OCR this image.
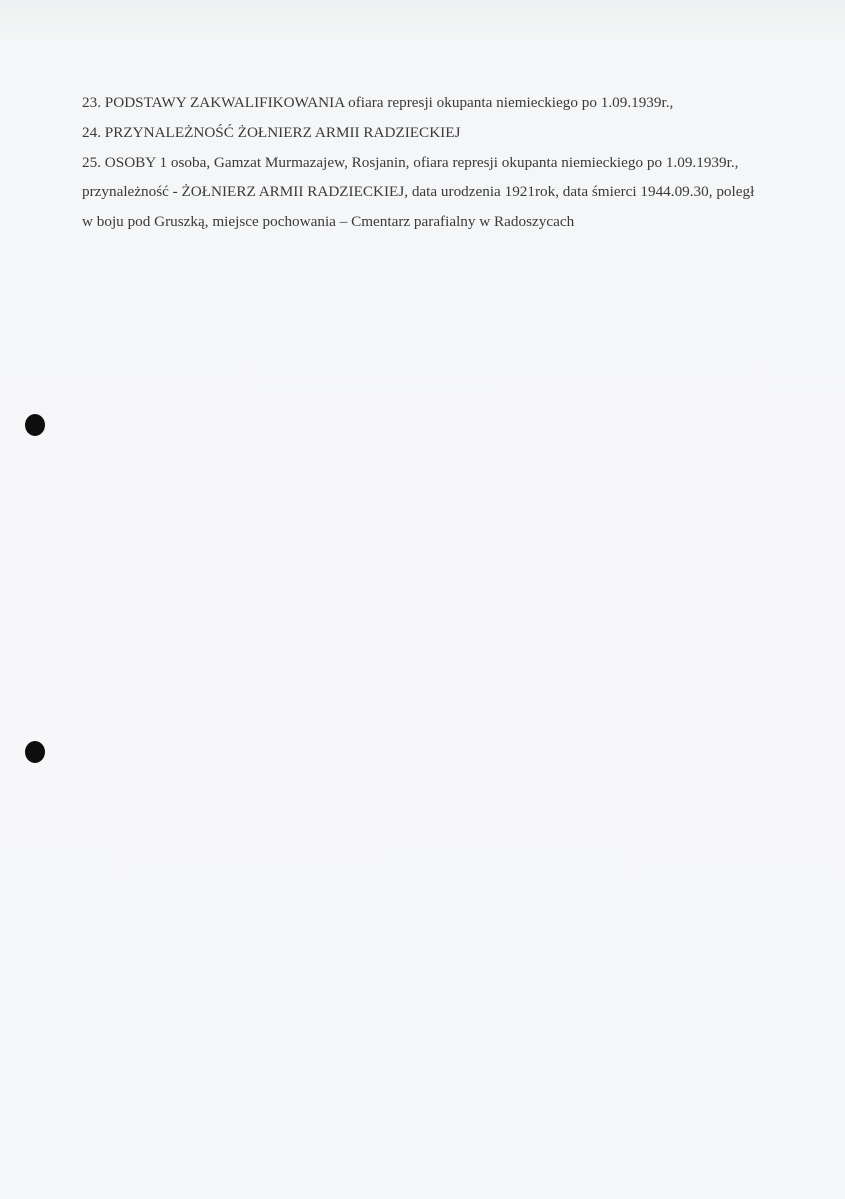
23. PODSTAWY ZAKWALIFIKOWANIA ofiara represji okupanta niemieckiego po 1.09.1939r.,

24. PRZYNALEŻNOŚĆ ŻOŁNIERZ ARMII RADZIECKIEJ

25. OSOBY 1 osoba, Gamzat Murmazajew, Rosjanin, ofiara represji okupanta niemieckiego po 1.09.1939r., przynależność - ŻOŁNIERZ ARMII RADZIECKIEJ, data urodzenia 1921rok, data śmierci 1944.09.30, poległ w boju pod Gruszką, miejsce pochowania – Cmentarz parafialny w Radoszycach
